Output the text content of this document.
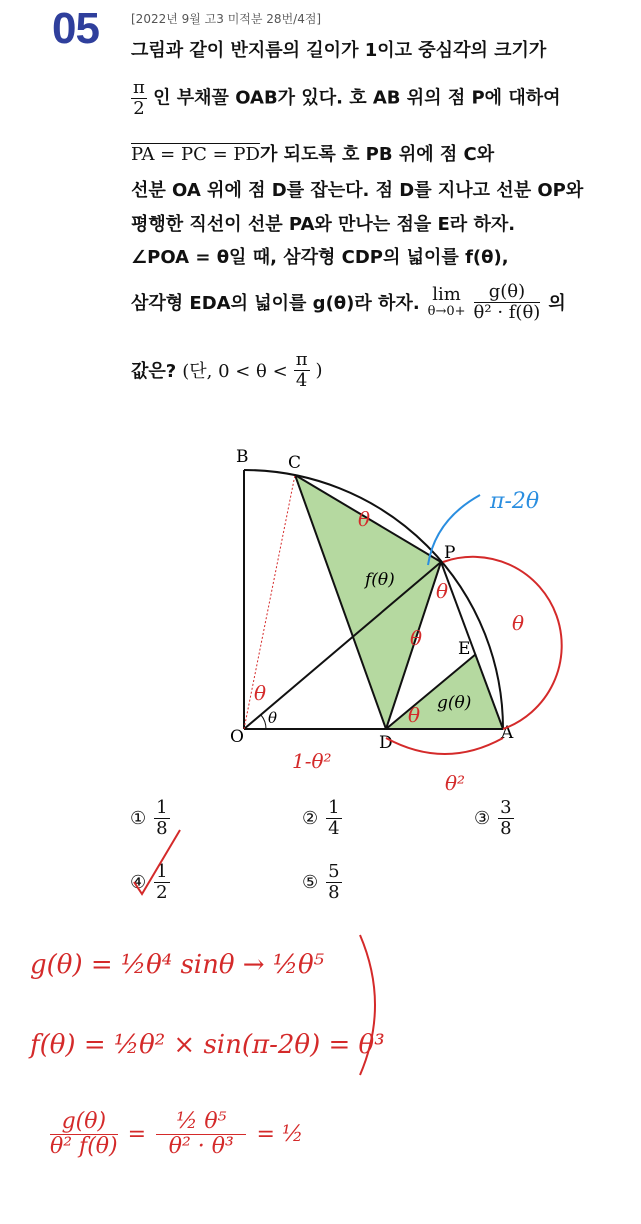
05	[2022년 9월 고3 미적분 28번/4점]
그림과 같이 반지름의 길이가 1이고 중심각의 크기가
$\frac{\pi}{2}$ 인 부채꼴 OAB가 있다. 호 AB 위의 점 P에 대하여
PA = PC = PD가 되도록 호 PB 위에 점 C와
선분 OA 위에 점 D를 잡는다. 점 D를 지나고 선분 OP와
평행한 직선이 선분 PA와 만나는 점을 E라 하자.
∠POA = θ일 때, 삼각형 CDP의 넓이를 f(θ),
삼각형 EDA의 넓이를 g(θ)라 하자. lim
$\theta\to 0+ \frac{g(\theta)}{\text{θ² · f(θ)}}$ 의
값은? (단, $0 < \theta < \frac{\pi}{4}$ )
B C
P
E
O	D	A
f(θ)
g(θ)
θ
θ
θ
θ
θ
θ
θ
1-θ²
θ²
π-2θ
① $\frac{1}{8}$	② $\frac{1}{4}$	③ $\frac{3}{8}$
④ $\frac{1}{2}$	⑤ $\frac{5}{8}$
g(θ) = ½θ⁴ sinθ → ½θ⁵
f(θ) = ½θ² × sin(π-2θ) = θ³
$\frac{g(\theta)}{\text{θ² f(θ)}} = \frac{\text{½ θ⁵}}{\text{θ² · θ³}}$ = ½
